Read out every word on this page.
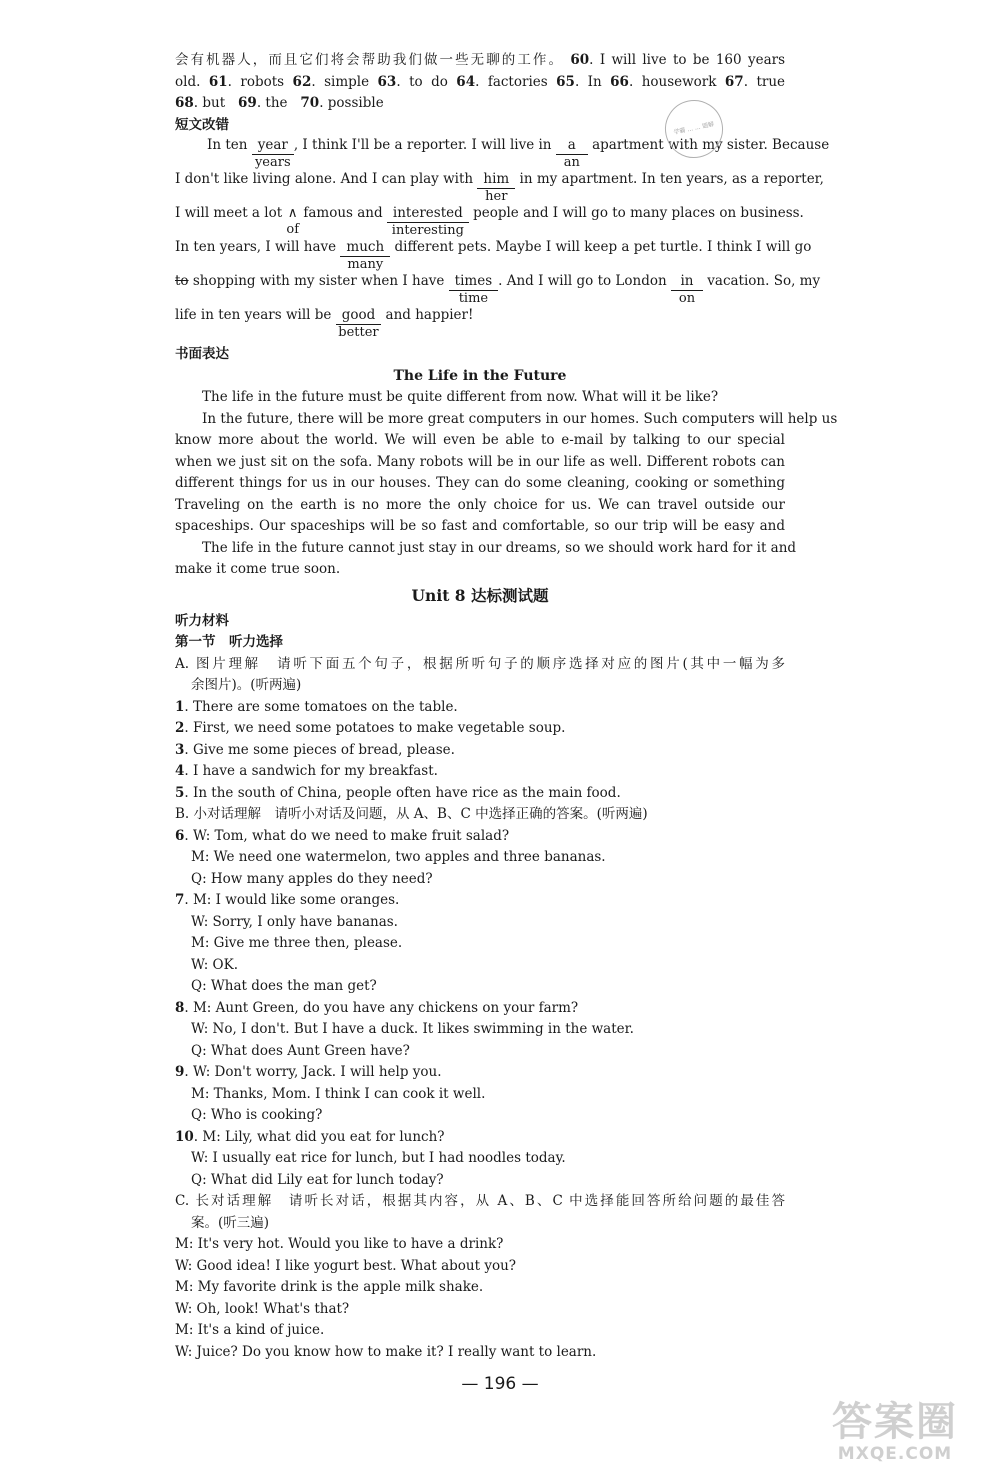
会有机器人，而且它们将会帮助我们做一些无聊的工作。 60. I will live to be 160 years
old. 61. robots 62. simple 63. to do 64. factories 65. In 66. housework 67. true
68. but 69. the 70. possible
短文改错
In ten year
years
, I think I'll be a reporter. I will live in $\frac{a}{an}$ apartment with my sister. Because
I don't like living alone. And I can play with him
her
in my apartment. In ten years, as a reporter,
I will meet a lot ∧
of
famous and interested
interesting
people and I will go to many places on business.
In ten years, I will have much
many
different pets. Maybe I will keep a pet turtle. I think I will go
to shopping with my sister when I have times
time
. And I will go to London $\frac{in}{on}$ vacation. So, my
life in ten years will be good
better
and happier!
书面表达
The Life in the Future
The life in the future must be quite different from now. What will it be like?
In the future, there will be more great computers in our homes. Such computers will help us
know more about the world. We will even be able to e-mail by talking to our special
when we just sit on the sofa. Many robots will be in our life as well. Different robots can
different things for us in our houses. They can do some cleaning, cooking or something
Traveling on the earth is no more the only choice for us. We can travel outside our
spaceships. Our spaceships will be so fast and comfortable, so our trip will be easy and
The life in the future cannot just stay in our dreams, so we should work hard for it and
make it come true soon.
Unit 8 达标测试题
听力材料
第一节　听力选择
A. 图片理解　请听下面五个句子，根据所听句子的顺序选择对应的图片(其中一幅为多
余图片)。(听两遍)
1. There are some tomatoes on the table.
2. First, we need some potatoes to make vegetable soup.
3. Give me some pieces of bread, please.
4. I have a sandwich for my breakfast.
5. In the south of China, people often have rice as the main food.
B. 小对话理解　请听小对话及问题，从 A、B、C 中选择正确的答案。(听两遍)
6. W: Tom, what do we need to make fruit salad?
M: We need one watermelon, two apples and three bananas.
Q: How many apples do they need?
7. M: I would like some oranges.
W: Sorry, I only have bananas.
M: Give me three then, please.
W: OK.
Q: What does the man get?
8. M: Aunt Green, do you have any chickens on your farm?
W: No, I don't. But I have a duck. It likes swimming in the water.
Q: What does Aunt Green have?
9. W: Don't worry, Jack. I will help you.
M: Thanks, Mom. I think I can cook it well.
Q: Who is cooking?
10. M: Lily, what did you eat for lunch?
W: I usually eat rice for lunch, but I had noodles today.
Q: What did Lily eat for lunch today?
C. 长对话理解　请听长对话，根据其内容，从 A、B、C 中选择能回答所给问题的最佳答
案。(听三遍)
M: It's very hot. Would you like to have a drink?
W: Good idea! I like yogurt best. What about you?
M: My favorite drink is the apple milk shake.
W: Oh, look! What's that?
M: It's a kind of juice.
W: Juice? Do you know how to make it? I really want to learn.
学霸 ... ... 题解
— 196 —
答案圈
MXQE.COM
